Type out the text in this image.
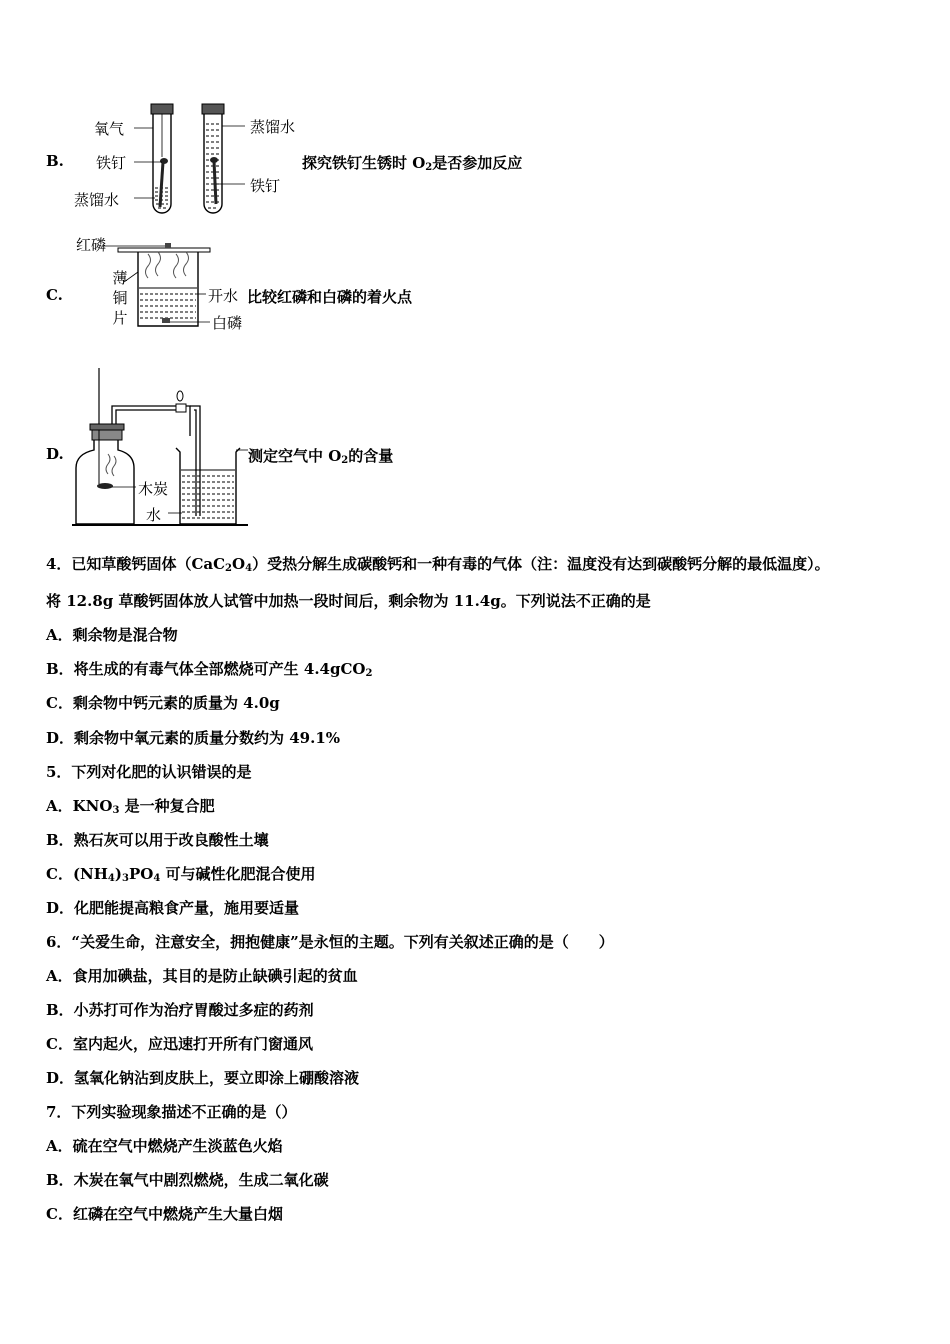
B.
氧气
铁钉
蒸馏水
蒸馏水
铁钉
探究铁钉生锈时 $O_2$是否参加反应
C.
红磷
薄铜片
开水
白磷
比较红磷和白磷的着火点
D.
木炭
水
测定空气中 $O_2$的含量
4．已知草酸钙固体$(CaC_2O_4)$受热分解生成碳酸钙和一种有毒的气体（注：温度没有达到碳酸钙分解的最低温度）。
将 12.8g 草酸钙固体放人试管中加热一段时间后，剩余物为 11.4g。下列说法不正确的是
A．剩余物是混合物
B．将生成的有毒气体全部燃烧可产生 4.4gCO$_2$
C．剩余物中钙元素的质量为 4.0g
D．剩余物中氧元素的质量分数约为 49.1%
5．下列对化肥的认识错误的是
A．$KNO_3$ 是一种复合肥
B．熟石灰可以用于改良酸性土壤
C．$(NH_4)_3PO_4$ 可与碱性化肥混合使用
D．化肥能提高粮食产量，施用要适量
6．“关爱生命，注意安全，拥抱健康”是永恒的主题。下列有关叙述正确的是（　　）
A．食用加碘盐，其目的是防止缺碘引起的贫血
B．小苏打可作为治疗胃酸过多症的药剂
C．室内起火，应迅速打开所有门窗通风
D．氢氧化钠沾到皮肤上，要立即涂上硼酸溶液
7．下列实验现象描述不正确的是（）
A．硫在空气中燃烧产生淡蓝色火焰
B．木炭在氧气中剧烈燃烧，生成二氧化碳
C．红磷在空气中燃烧产生大量白烟
